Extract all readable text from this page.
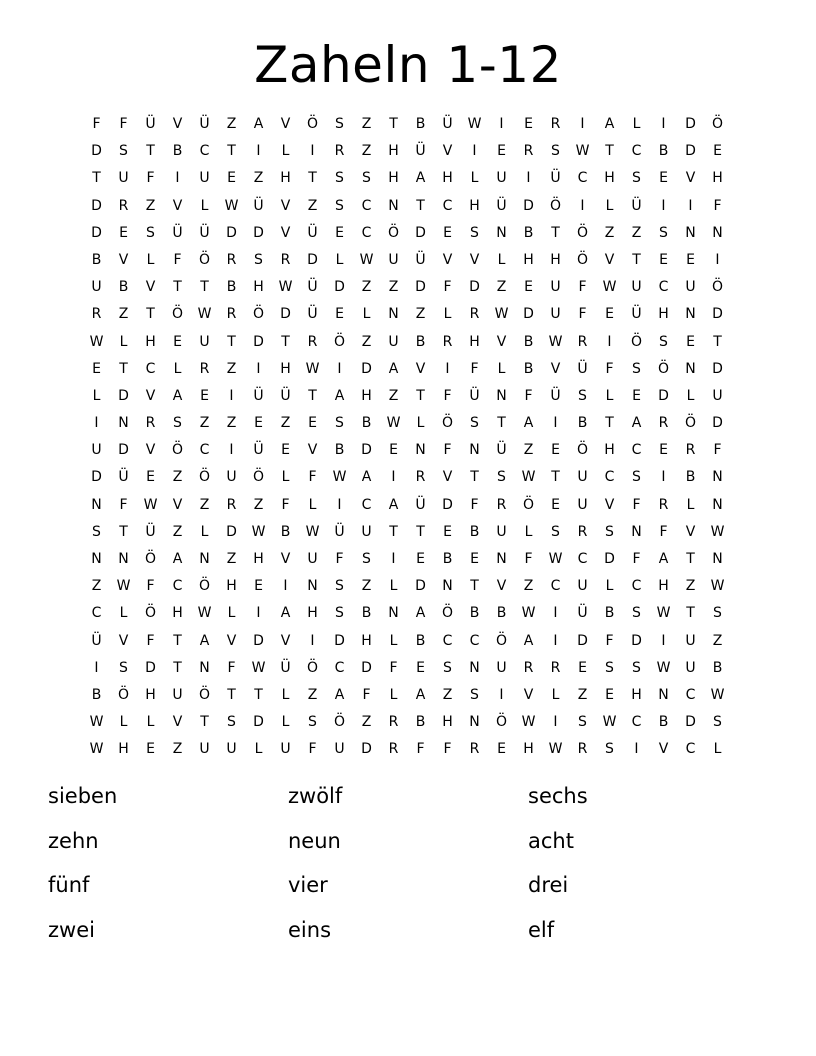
Zaheln 1-12
F	F	Ü	V	Ü	Z	A	V	Ö	S	Z	T	B	Ü	W	I	E	R	I	A	L	I	D	Ö
D	S	T	B	C	T	I	L	I	R	Z	H	Ü	V	I	E	R	S	W	T	C	B	D	E
T	U	F	I	U	E	Z	H	T	S	S	H	A	H	L	U	I	Ü	C	H	S	E	V	H
D	R	Z	V	L	W	Ü	V	Z	S	C	N	T	C	H	Ü	D	Ö	I	L	Ü	I	I	F
D	E	S	Ü	Ü	D	D	V	Ü	E	C	Ö	D	E	S	N	B	T	Ö	Z	Z	S	N	N
B	V	L	F	Ö	R	S	R	D	L	W	U	Ü	V	V	L	H	H	Ö	V	T	E	E	I
U	B	V	T	T	B	H	W	Ü	D	Z	Z	D	F	D	Z	E	U	F	W	U	C	U	Ö
R	Z	T	Ö	W	R	Ö	D	Ü	E	L	N	Z	L	R	W	D	U	F	E	Ü	H	N	D
W	L	H	E	U	T	D	T	R	Ö	Z	U	B	R	H	V	B	W	R	I	Ö	S	E	T
E	T	C	L	R	Z	I	H	W	I	D	A	V	I	F	L	B	V	Ü	F	S	Ö	N	D
L	D	V	A	E	I	Ü	Ü	T	A	H	Z	T	F	Ü	N	F	Ü	S	L	E	D	L	U
I	N	R	S	Z	Z	E	Z	E	S	B	W	L	Ö	S	T	A	I	B	T	A	R	Ö	D
U	D	V	Ö	C	I	Ü	E	V	B	D	E	N	F	N	Ü	Z	E	Ö	H	C	E	R	F
D	Ü	E	Z	Ö	U	Ö	L	F	W	A	I	R	V	T	S	W	T	U	C	S	I	B	N
N	F	W	V	Z	R	Z	F	L	I	C	A	Ü	D	F	R	Ö	E	U	V	F	R	L	N
S	T	Ü	Z	L	D	W	B	W	Ü	U	T	T	E	B	U	L	S	R	S	N	F	V	W
N	N	Ö	A	N	Z	H	V	U	F	S	I	E	B	E	N	F	W	C	D	F	A	T	N
Z	W	F	C	Ö	H	E	I	N	S	Z	L	D	N	T	V	Z	C	U	L	C	H	Z	W
C	L	Ö	H	W	L	I	A	H	S	B	N	A	Ö	B	B	W	I	Ü	B	S	W	T	S
Ü	V	F	T	A	V	D	V	I	D	H	L	B	C	C	Ö	A	I	D	F	D	I	U	Z
I	S	D	T	N	F	W	Ü	Ö	C	D	F	E	S	N	U	R	R	E	S	S	W	U	B
B	Ö	H	U	Ö	T	T	L	Z	A	F	L	A	Z	S	I	V	L	Z	E	H	N	C	W
W	L	L	V	T	S	D	L	S	Ö	Z	R	B	H	N	Ö	W	I	S	W	C	B	D	S
W	H	E	Z	U	U	L	U	F	U	D	R	F	F	R	E	H	W	R	S	I	V	C	L
sieben	zwölf	sechs
zehn	neun	acht
fünf	vier	drei
zwei	eins	elf
